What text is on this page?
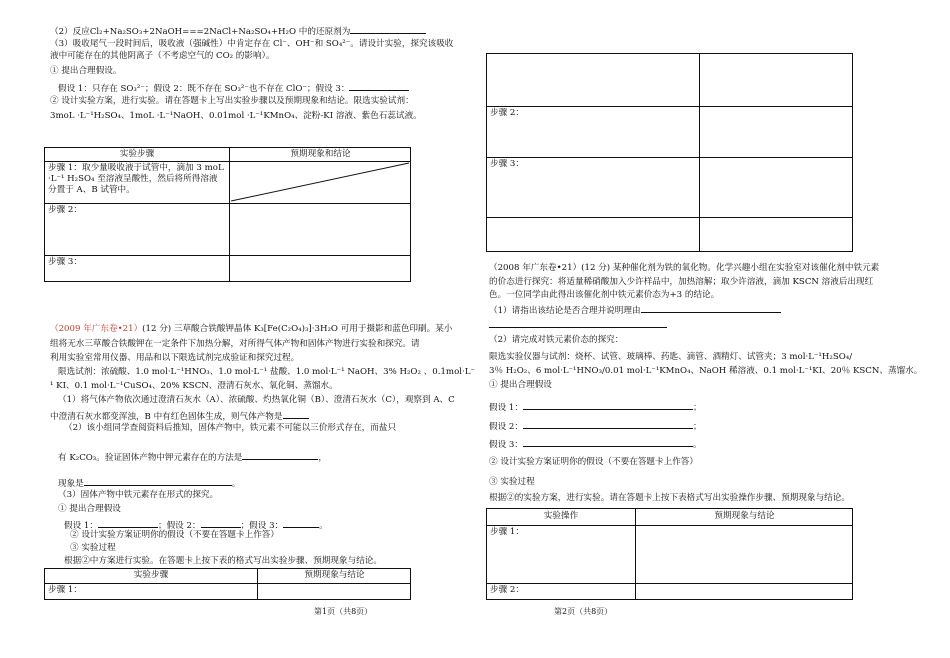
（2）反应Cl₂+Na₂SO₃+2NaOH===2NaCl+Na₂SO₄+H₂O 中的还原剂为
（3）吸收尾气一段时间后，吸收液（强碱性）中肯定存在 Cl⁻、OH⁻和 SO₄²⁻。请设计实验，探究该吸收
液中可能存在的其他阴离子（不考虑空气的 CO₂ 的影响）。
① 提出合理假设。
假设 1：只存在 SO₃²⁻；假设 2：既不存在 SO₃²⁻也不存在 ClO⁻；假设 3：
② 设计实验方案，进行实验。请在答题卡上写出实验步骤以及预期现象和结论。限选实验试剂：
3moL ·L⁻¹H₂SO₄、1moL ·L⁻¹NaOH、0.01mol ·L⁻¹KMnO₄、淀粉-KI 溶液、紫色石蕊试液。
实验步骤	预期现象和结论
步骤 1：取少量吸收液于试管中，滴加 3 moL ·L⁻¹ H₂SO₄ 至溶液呈酸性，然后将所得溶液分置于 A、B 试管中。
步骤 2：
步骤 3：
（2009 年广东卷•21）(12 分) 三草酸合铁酸钾晶体 K₃[Fe(C₂O₄)₃]·3H₂O 可用于摄影和蓝色印刷。某小
组将无水三草酸合铁酸钾在一定条件下加热分解，对所得气体产物和固体产物进行实验和探究。请
利用实验室常用仪器、用品和以下限选试剂完成验证和探究过程。
限选试剂：浓硫酸、1.0 mol·L⁻¹HNO₃、1.0 mol·L⁻¹ 盐酸、1.0 mol·L⁻¹ NaOH、3% H₂O₂ 、0.1mol·L⁻
¹ KI、0.1 mol·L⁻¹CuSO₄、20% KSCN、澄清石灰水、氧化铜、蒸馏水。
（1）将气体产物依次通过澄清石灰水（A）、浓硫酸、灼热氧化铜（B）、澄清石灰水（C），观察到 A、C
中澄清石灰水都变浑浊，B 中有红色固体生成，则气体产物是
（2）该小组同学查阅资料后推知，固体产物中，铁元素不可能以三价形式存在，而盐只
有 K₂CO₃。验证固体产物中钾元素存在的方法是	，
现象是	。
（3）固体产物中铁元素存在形式的探究。
① 提出合理假设
假设 1：	；假设 2：	；假设 3：	。
② 设计实验方案证明你的假设（不要在答题卡上作答）
③ 实验过程
根据②中方案进行实验。在答题卡上按下表的格式写出实验步骤、预期现象与结论。
实验步骤	预期现象与结论
步骤 1：
第1页（共8页）
步骤 2：
步骤 3：
（2008 年广东卷•21）(12 分) 某种催化剂为铁的氧化物。化学兴趣小组在实验室对该催化剂中铁元素
的价态进行探究：将适量稀硝酸加入少许样品中，加热溶解；取少许溶液，滴加 KSCN 溶液后出现红
色。一位同学由此得出该催化剂中铁元素价态为+3 的结论。
（1）请指出该结论是否合理并说明理由
（2）请完成对铁元素价态的探究：
限选实验仪器与试剂：烧杯、试管、玻璃棒、药匙、滴管、酒精灯、试管夹；3 mol·L⁻¹H₂SO₄/
3％ H₂O₂、6 mol·L⁻¹HNO₃/0.01 mol·L⁻¹KMnO₄、NaOH 稀溶液、0.1 mol·L⁻¹KI、20％ KSCN、蒸馏水。
① 提出合理假设
假设 1：	；
假设 2：	；
假设 3：	。
② 设计实验方案证明你的假设（不要在答题卡上作答）
③ 实验过程
根据②的实验方案，进行实验。请在答题卡上按下表格式写出实验操作步骤、预期现象与结论。
实验操作	预期现象与结论
步骤 1：
步骤 2：
第2页（共8页）
